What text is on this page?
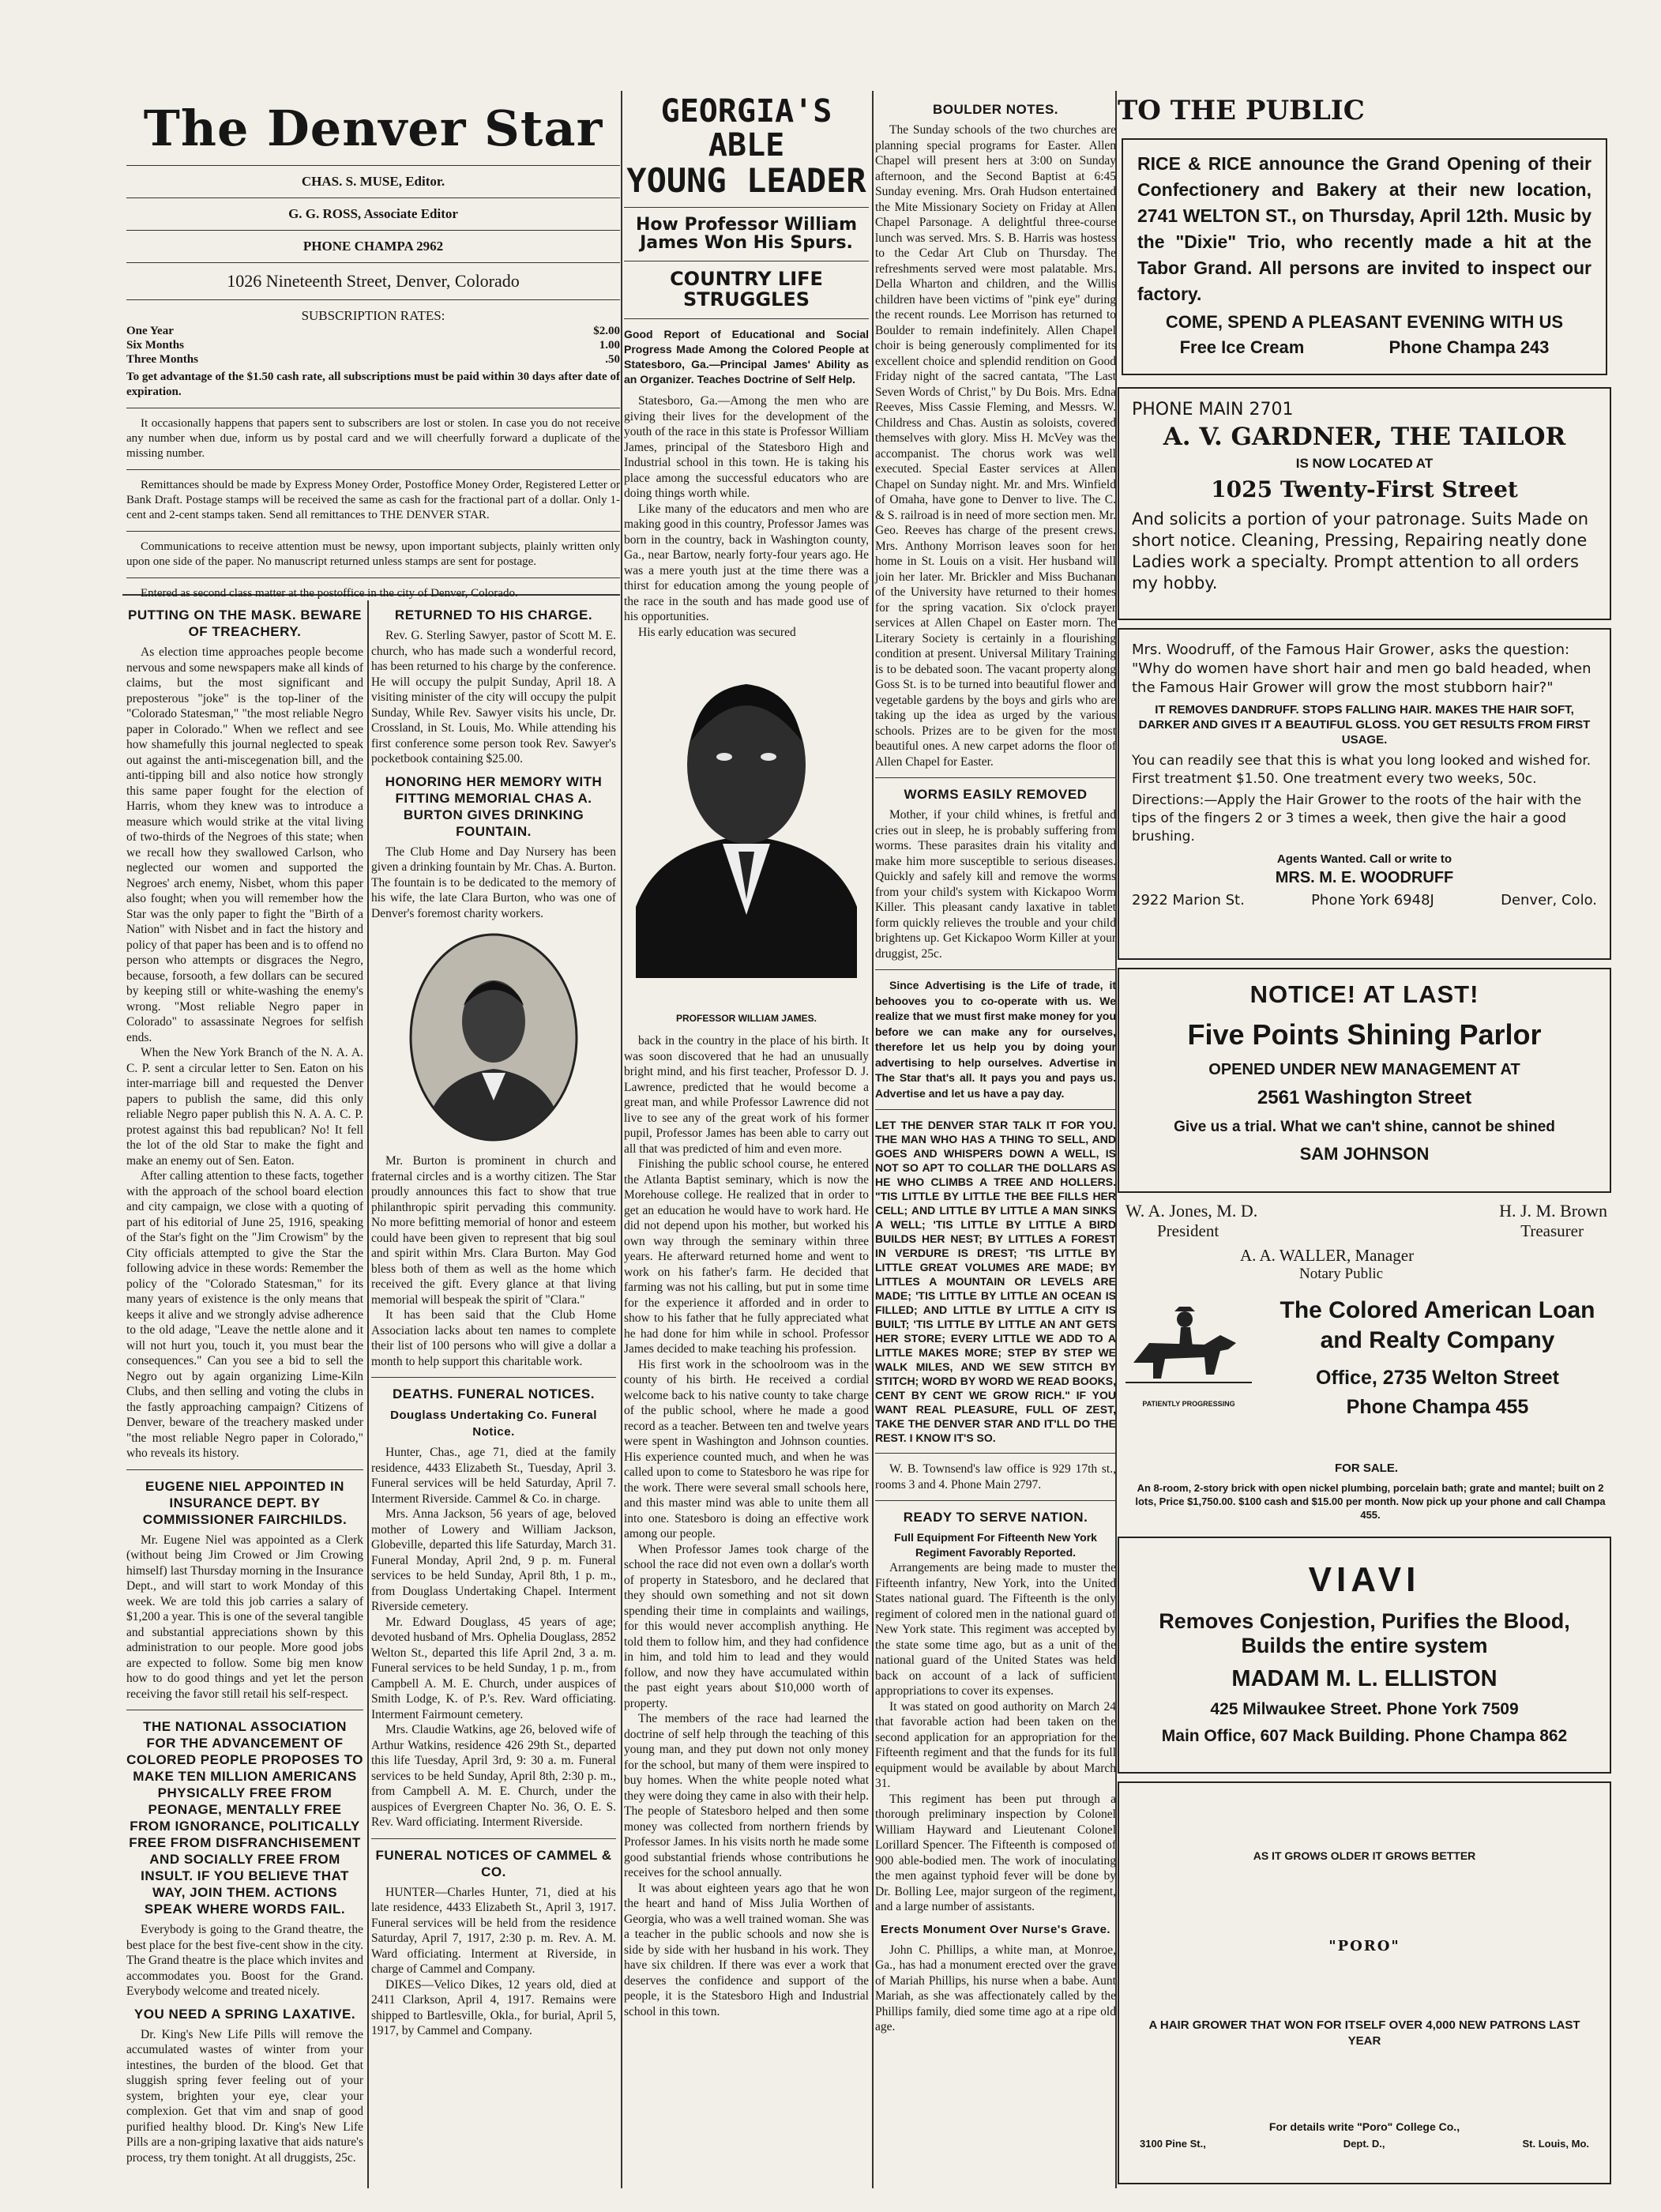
The Denver Star
CHAS. S. MUSE, Editor.
G. G. ROSS, Associate Editor
PHONE CHAMPA 2962
1026 Nineteenth Street, Denver, Colorado
SUBSCRIPTION RATES:
One Year	$2.00
Six Months	1.00
Three Months	.50
To get advantage of the $1.50 cash rate, all subscriptions must be paid within 30 days after date of expiration.
It occasionally happens that papers sent to subscribers are lost or stolen. In case you do not receive any number when due, inform us by postal card and we will cheerfully forward a duplicate of the missing number.
Remittances should be made by Express Money Order, Postoffice Money Order, Registered Letter or Bank Draft. Postage stamps will be received the same as cash for the fractional part of a dollar. Only 1-cent and 2-cent stamps taken. Send all remittances to THE DENVER STAR.
Communications to receive attention must be newsy, upon important subjects, plainly written only upon one side of the paper. No manuscript returned unless stamps are sent for postage.
Entered as second class matter at the postoffice in the city of Denver, Colorado.
PUTTING ON THE MASK. BEWARE OF TREACHERY.

As election time approaches people become nervous and some newspapers make all kinds of claims, but the most significant and preposterous "joke" is the top-liner of the "Colorado Statesman," "the most reliable Negro paper in Colorado." When we reflect and see how shamefully this journal neglected to speak out against the anti-miscegenation bill, and the anti-tipping bill and also notice how strongly this same paper fought for the election of Harris, whom they knew was to introduce a measure which would strike at the vital living of two-thirds of the Negroes of this state; when we recall how they swallowed Carlson, who neglected our women and supported the Negroes' arch enemy, Nisbet, whom this paper also fought; when you will remember how the Star was the only paper to fight the "Birth of a Nation" with Nisbet and in fact the history and policy of that paper has been and is to offend no person who attempts or disgraces the Negro, because, forsooth, a few dollars can be secured by keeping still or white-washing the enemy's wrong. "Most reliable Negro paper in Colorado" to assassinate Negroes for selfish ends.

When the New York Branch of the N. A. A. C. P. sent a circular letter to Sen. Eaton on his inter-marriage bill and requested the Denver papers to publish the same, did this only reliable Negro paper publish this N. A. A. C. P. protest against this bad republican? No! It fell the lot of the old Star to make the fight and make an enemy out of Sen. Eaton.

After calling attention to these facts, together with the approach of the school board election and city campaign, we close with a quoting of part of his editorial of June 25, 1916, speaking of the Star's fight on the "Jim Crowism" by the City officials attempted to give the Star the following advice in these words: Remember the policy of the "Colorado Statesman," for its many years of existence is the only means that keeps it alive and we strongly advise adherence to the old adage, "Leave the nettle alone and it will not hurt you, touch it, you must bear the consequences." Can you see a bid to sell the Negro out by again organizing Lime-Kiln Clubs, and then selling and voting the clubs in the fastly approaching campaign? Citizens of Denver, beware of the treachery masked under "the most reliable Negro paper in Colorado," who reveals its history.

EUGENE NIEL APPOINTED IN INSURANCE DEPT. BY COMMISSIONER FAIRCHILDS.

Mr. Eugene Niel was appointed as a Clerk (without being Jim Crowed or Jim Crowing himself) last Thursday morning in the Insurance Dept., and will start to work Monday of this week. We are told this job carries a salary of $1,200 a year. This is one of the several tangible and substantial appreciations shown by this administration to our people. More good jobs are expected to follow. Some big men know how to do good things and yet let the person receiving the favor still retail his self-respect.

THE NATIONAL ASSOCIATION FOR THE ADVANCEMENT OF COLORED PEOPLE PROPOSES TO MAKE TEN MILLION AMERICANS PHYSICALLY FREE FROM PEONAGE, MENTALLY FREE FROM IGNORANCE, POLITICALLY FREE FROM DISFRANCHISEMENT AND SOCIALLY FREE FROM INSULT. IF YOU BELIEVE THAT WAY, JOIN THEM. ACTIONS SPEAK WHERE WORDS FAIL.

Everybody is going to the Grand theatre, the best place for the best five-cent show in the city. The Grand theatre is the place which invites and accommodates you. Boost for the Grand. Everybody welcome and treated nicely.

YOU NEED A SPRING LAXATIVE.

Dr. King's New Life Pills will remove the accumulated wastes of winter from your intestines, the burden of the blood. Get that sluggish spring fever feeling out of your system, brighten your eye, clear your complexion. Get that vim and snap of good purified healthy blood. Dr. King's New Life Pills are a non-griping laxative that aids nature's process, try them tonight. At all druggists, 25c.

RETURNED TO HIS CHARGE.

Rev. G. Sterling Sawyer, pastor of Scott M. E. church, who has made such a wonderful record, has been returned to his charge by the conference. He will occupy the pulpit Sunday, April 18. A visiting minister of the city will occupy the pulpit Sunday, While Rev. Sawyer visits his uncle, Dr. Crossland, in St. Louis, Mo. While attending his first conference some person took Rev. Sawyer's pocketbook containing $25.00.

HONORING HER MEMORY WITH FITTING MEMORIAL CHAS A. BURTON GIVES DRINKING FOUNTAIN.

The Club Home and Day Nursery has been given a drinking fountain by Mr. Chas. A. Burton. The fountain is to be dedicated to the memory of his wife, the late Clara Burton, who was one of Denver's foremost charity workers.

Mr. Burton is prominent in church and fraternal circles and is a worthy citizen. The Star proudly announces this fact to show that true philanthropic spirit pervading this community. No more befitting memorial of honor and esteem could have been given to represent that big soul and spirit within Mrs. Clara Burton. May God bless both of them as well as the home which received the gift. Every glance at that living memorial will bespeak the spirit of "Clara."

It has been said that the Club Home Association lacks about ten names to complete their list of 100 persons who will give a dollar a month to help support this charitable work.

DEATHS. FUNERAL NOTICES.
Douglass Undertaking Co. Funeral Notice.

Hunter, Chas., age 71, died at the family residence, 4433 Elizabeth St., Tuesday, April 3. Funeral services will be held Saturday, April 7. Interment Riverside. Cammel & Co. in charge.

Mrs. Anna Jackson, 56 years of age, beloved mother of Lowery and William Jackson, Globeville, departed this life Saturday, March 31. Funeral Monday, April 2nd, 9 p. m. Funeral services to be held Sunday, April 8th, 1 p. m., from Douglass Undertaking Chapel. Interment Riverside cemetery.

Mr. Edward Douglass, 45 years of age; devoted husband of Mrs. Ophelia Douglass, 2852 Welton St., departed this life April 2nd, 3 a. m. Funeral services to be held Sunday, 1 p. m., from Campbell A. M. E. Church, under auspices of Smith Lodge, K. of P.'s. Rev. Ward officiating. Interment Fairmount cemetery.

Mrs. Claudie Watkins, age 26, beloved wife of Arthur Watkins, residence 426 29th St., departed this life Tuesday, April 3rd, 9: 30 a. m. Funeral services to be held Sunday, April 8th, 2:30 p. m., from Campbell A. M. E. Church, under the auspices of Evergreen Chapter No. 36, O. E. S. Rev. Ward officiating. Interment Riverside.

FUNERAL NOTICES OF CAMMEL & CO.

HUNTER—Charles Hunter, 71, died at his late residence, 4433 Elizabeth St., April 3, 1917. Funeral services will be held from the residence Saturday, April 7, 1917, 2:30 p. m. Rev. A. M. Ward officiating. Interment at Riverside, in charge of Cammel and Company.

DIKES—Velico Dikes, 12 years old, died at 2411 Clarkson, April 4, 1917. Remains were shipped to Bartlesville, Okla., for burial, April 5, 1917, by Cammel and Company.

GEORGIA'S ABLE
YOUNG LEADER
How Professor William James Won His Spurs.
COUNTRY LIFE STRUGGLES

Good Report of Educational and Social Progress Made Among the Colored People at Statesboro, Ga.—Principal James' Ability as an Organizer. Teaches Doctrine of Self Help.

Statesboro, Ga.—Among the men who are giving their lives for the development of the youth of the race in this state is Professor William James, principal of the Statesboro High and Industrial school in this town. He is taking his place among the successful educators who are doing things worth while.

Like many of the educators and men who are making good in this country, Professor James was born in the country, back in Washington county, Ga., near Bartow, nearly forty-four years ago. He was a mere youth just at the time there was a thirst for education among the young people of the race in the south and has made good use of his opportunities.

His early education was secured

PROFESSOR WILLIAM JAMES.

back in the country in the place of his birth. It was soon discovered that he had an unusually bright mind, and his first teacher, Professor D. J. Lawrence, predicted that he would become a great man, and while Professor Lawrence did not live to see any of the great work of his former pupil, Professor James has been able to carry out all that was predicted of him and even more.

Finishing the public school course, he entered the Atlanta Baptist seminary, which is now the Morehouse college. He realized that in order to get an education he would have to work hard. He did not depend upon his mother, but worked his own way through the seminary within three years. He afterward returned home and went to work on his father's farm. He decided that farming was not his calling, but put in some time for the experience it afforded and in order to show to his father that he fully appreciated what he had done for him while in school. Professor James decided to make teaching his profession.

His first work in the schoolroom was in the county of his birth. He received a cordial welcome back to his native county to take charge of the public school, where he made a good record as a teacher. Between ten and twelve years were spent in Washington and Johnson counties. His experience counted much, and when he was called upon to come to Statesboro he was ripe for the work. There were several small schools here, and this master mind was able to unite them all into one. Statesboro is doing an effective work among our people.

When Professor James took charge of the school the race did not even own a dollar's worth of property in Statesboro, and he declared that they should own something and not sit down spending their time in complaints and wailings, for this would never accomplish anything. He told them to follow him, and they had confidence in him, and told him to lead and they would follow, and now they have accumulated within the past eight years about $10,000 worth of property.

The members of the race had learned the doctrine of self help through the teaching of this young man, and they put down not only money for the school, but many of them were inspired to buy homes. When the white people noted what they were doing they came in also with their help. The people of Statesboro helped and then some money was collected from northern friends by Professor James. In his visits north he made some good substantial friends whose contributions he receives for the school annually.

It was about eighteen years ago that he won the heart and hand of Miss Julia Worthen of Georgia, who was a well trained woman. She was a teacher in the public schools and now she is side by side with her husband in his work. They have six children. If there was ever a work that deserves the confidence and support of the people, it is the Statesboro High and Industrial school in this town.

BOULDER NOTES.

The Sunday schools of the two churches are planning special programs for Easter. Allen Chapel will present hers at 3:00 on Sunday afternoon, and the Second Baptist at 6:45 Sunday evening. Mrs. Orah Hudson entertained the Mite Missionary Society on Friday at Allen Chapel Parsonage. A delightful three-course lunch was served. Mrs. S. B. Harris was hostess to the Cedar Art Club on Thursday. The refreshments served were most palatable. Mrs. Della Wharton and children, and the Willis children have been victims of "pink eye" during the recent rounds. Lee Morrison has returned to Boulder to remain indefinitely. Allen Chapel choir is being generously complimented for its excellent choice and splendid rendition on Good Friday night of the sacred cantata, "The Last Seven Words of Christ," by Du Bois. Mrs. Edna Reeves, Miss Cassie Fleming, and Messrs. W. Childress and Chas. Austin as soloists, covered themselves with glory. Miss H. McVey was the accompanist. The chorus work was well executed. Special Easter services at Allen Chapel on Sunday night. Mr. and Mrs. Winfield of Omaha, have gone to Denver to live. The C. & S. railroad is in need of more section men. Mr. Geo. Reeves has charge of the present crews. Mrs. Anthony Morrison leaves soon for her home in St. Louis on a visit. Her husband will join her later. Mr. Brickler and Miss Buchanan of the University have returned to their homes for the spring vacation. Six o'clock prayer services at Allen Chapel on Easter morn. The Literary Society is certainly in a flourishing condition at present. Universal Military Training is to be debated soon. The vacant property along Goss St. is to be turned into beautiful flower and vegetable gardens by the boys and girls who are taking up the idea as urged by the various schools. Prizes are to be given for the most beautiful ones. A new carpet adorns the floor of Allen Chapel for Easter.

WORMS EASILY REMOVED

Mother, if your child whines, is fretful and cries out in sleep, he is probably suffering from worms. These parasites drain his vitality and make him more susceptible to serious diseases. Quickly and safely kill and remove the worms from your child's system with Kickapoo Worm Killer. This pleasant candy laxative in tablet form quickly relieves the trouble and your child brightens up. Get Kickapoo Worm Killer at your druggist, 25c.

Since Advertising is the Life of trade, it behooves you to co-operate with us. We realize that we must first make money for you before we can make any for ourselves, therefore let us help you by doing your advertising to help ourselves. Advertise in The Star that's all. It pays you and pays us. Advertise and let us have a pay day.

LET THE DENVER STAR TALK IT FOR YOU. THE MAN WHO HAS A THING TO SELL, AND GOES AND WHISPERS DOWN A WELL, IS NOT SO APT TO COLLAR THE DOLLARS AS HE WHO CLIMBS A TREE AND HOLLERS. "TIS LITTLE BY LITTLE THE BEE FILLS HER CELL; AND LITTLE BY LITTLE A MAN SINKS A WELL; 'TIS LITTLE BY LITTLE A BIRD BUILDS HER NEST; BY LITTLES A FOREST IN VERDURE IS DREST; 'TIS LITTLE BY LITTLE GREAT VOLUMES ARE MADE; BY LITTLES A MOUNTAIN OR LEVELS ARE MADE; 'TIS LITTLE BY LITTLE AN OCEAN IS FILLED; AND LITTLE BY LITTLE A CITY IS BUILT; 'TIS LITTLE BY LITTLE AN ANT GETS HER STORE; EVERY LITTLE WE ADD TO A LITTLE MAKES MORE; STEP BY STEP WE WALK MILES, AND WE SEW STITCH BY STITCH; WORD BY WORD WE READ BOOKS, CENT BY CENT WE GROW RICH." IF YOU WANT REAL PLEASURE, FULL OF ZEST, TAKE THE DENVER STAR AND IT'LL DO THE REST. I KNOW IT'S SO.

W. B. Townsend's law office is 929 17th st., rooms 3 and 4. Phone Main 2797.

READY TO SERVE NATION.

Full Equipment For Fifteenth New York Regiment Favorably Reported.

Arrangements are being made to muster the Fifteenth infantry, New York, into the United States national guard. The Fifteenth is the only regiment of colored men in the national guard of New York state. This regiment was accepted by the state some time ago, but as a unit of the national guard of the United States was held back on account of a lack of sufficient appropriations to cover its expenses.

It was stated on good authority on March 24 that favorable action had been taken on the second application for an appropriation for the Fifteenth regiment and that the funds for its full equipment would be available by about March 31.

This regiment has been put through a thorough preliminary inspection by Colonel William Hayward and Lieutenant Colonel Lorillard Spencer. The Fifteenth is composed of 900 able-bodied men. The work of inoculating the men against typhoid fever will be done by Dr. Bolling Lee, major surgeon of the regiment, and a large number of assistants.

Erects Monument Over Nurse's Grave.

John C. Phillips, a white man, at Monroe, Ga., has had a monument erected over the grave of Mariah Phillips, his nurse when a babe. Aunt Mariah, as she was affectionately called by the Phillips family, died some time ago at a ripe old age.

TO THE PUBLIC
RICE & RICE announce the Grand Opening of their Confectionery and Bakery at their new location, 2741 WELTON ST., on Thursday, April 12th. Music by the "Dixie" Trio, who recently made a hit at the Tabor Grand. All persons are invited to inspect our factory.
COME, SPEND A PLEASANT EVENING WITH US
Free Ice Cream	Phone Champa 243
PHONE MAIN 2701
A. V. GARDNER, THE TAILOR
IS NOW LOCATED AT
1025 Twenty-First Street
And solicits a portion of your patronage. Suits Made on short notice. Cleaning, Pressing, Repairing neatly done Ladies work a specialty. Prompt attention to all orders my hobby.
Mrs. Woodruff, of the Famous Hair Grower, asks the question: "Why do women have short hair and men go bald headed, when the Famous Hair Grower will grow the most stubborn hair?"
IT REMOVES DANDRUFF. STOPS FALLING HAIR. MAKES THE HAIR SOFT, DARKER AND GIVES IT A BEAUTIFUL GLOSS. YOU GET RESULTS FROM FIRST USAGE.
You can readily see that this is what you long looked and wished for. First treatment $1.50. One treatment every two weeks, 50c.
Directions:—Apply the Hair Grower to the roots of the hair with the tips of the fingers 2 or 3 times a week, then give the hair a good brushing.
Agents Wanted. Call or write to
MRS. M. E. WOODRUFF
2922 Marion St.	Phone York 6948J	Denver, Colo.
NOTICE! AT LAST!
Five Points Shining Parlor
OPENED UNDER NEW MANAGEMENT AT
2561 Washington Street
Give us a trial. What we can't shine, cannot be shined
SAM JOHNSON
W. A. Jones, M. D.	H. J. M. Brown
President	Treasurer
A. A. WALLER, Manager
Notary Public
PATIENTLY PROGRESSING
The Colored American Loan
and Realty Company
Office, 2735 Welton Street
Phone Champa 455
FOR SALE.
An 8-room, 2-story brick with open nickel plumbing, porcelain bath; grate and mantel; built on 2 lots, Price $1,750.00. $100 cash and $15.00 per month. Now pick up your phone and call Champa 455.
VIAVI
Removes Conjestion, Purifies the Blood,
Builds the entire system
MADAM M. L. ELLISTON
425 Milwaukee Street. Phone York 7509
Main Office, 607 Mack Building. Phone Champa 862
AS IT GROWS OLDER IT GROWS BETTER
"PORO"
A HAIR GROWER THAT WON FOR ITSELF OVER 4,000 NEW PATRONS LAST YEAR
For details write "Poro" College Co.,
3100 Pine St.,	Dept. D.,	St. Louis, Mo.
